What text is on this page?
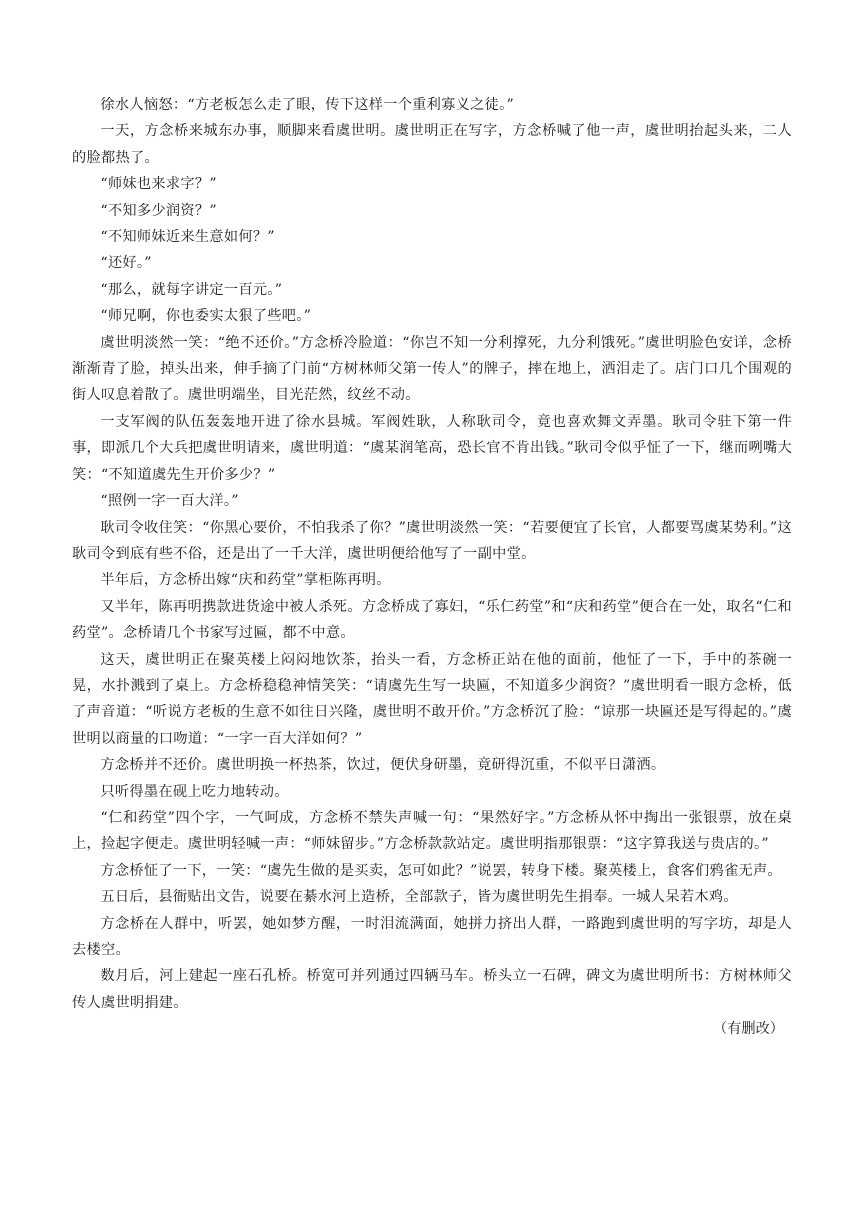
徐水人恼怒：“方老板怎么走了眼，传下这样一个重利寡义之徒。”

一天，方念桥来城东办事，顺脚来看虞世明。虞世明正在写字，方念桥喊了他一声，虞世明抬起头来，二人的脸都热了。

“师妹也来求字？”

“不知多少润资？”

“不知师妹近来生意如何？”

“还好。”

“那么，就每字讲定一百元。”

“师兄啊，你也委实太狠了些吧。”

虞世明淡然一笑：“绝不还价。”方念桥冷脸道：“你岂不知一分利撑死，九分利饿死。”虞世明脸色安详，念桥渐渐青了脸，掉头出来，伸手摘了门前“方树林师父第一传人”的牌子，摔在地上，洒泪走了。店门口几个围观的街人叹息着散了。虞世明端坐，目光茫然，纹丝不动。

一支军阀的队伍轰轰地开进了徐水县城。军阀姓耿，人称耿司令，竟也喜欢舞文弄墨。耿司令驻下第一件事，即派几个大兵把虞世明请来，虞世明道：“虞某润笔高，恐长官不肯出钱。”耿司令似乎怔了一下，继而咧嘴大笑：“不知道虞先生开价多少？”

“照例一字一百大洋。”

耿司令收住笑：“你黑心要价，不怕我杀了你？”虞世明淡然一笑：“若要便宜了长官，人都要骂虞某势利。”这耿司令到底有些不俗，还是出了一千大洋，虞世明便给他写了一副中堂。

半年后，方念桥出嫁“庆和药堂”掌柜陈再明。

又半年，陈再明携款进货途中被人杀死。方念桥成了寡妇，“乐仁药堂”和“庆和药堂”便合在一处，取名“仁和药堂”。念桥请几个书家写过匾，都不中意。

这天，虞世明正在聚英楼上闷闷地饮茶，抬头一看，方念桥正站在他的面前，他怔了一下，手中的茶碗一晃，水扑溅到了桌上。方念桥稳稳神情笑笑：“请虞先生写一块匾，不知道多少润资？”虞世明看一眼方念桥，低了声音道：“听说方老板的生意不如往日兴隆，虞世明不敢开价。”方念桥沉了脸：“谅那一块匾还是写得起的。”虞世明以商量的口吻道：“一字一百大洋如何？”

方念桥并不还价。虞世明换一杯热茶，饮过，便伏身研墨，竟研得沉重，不似平日潇洒。

只听得墨在砚上吃力地转动。

“仁和药堂”四个字，一气呵成，方念桥不禁失声喊一句：“果然好字。”方念桥从怀中掏出一张银票，放在桌上，捡起字便走。虞世明轻喊一声：“师妹留步。”方念桥款款站定。虞世明指那银票：“这字算我送与贵店的。”

方念桥怔了一下，一笑：“虞先生做的是买卖，怎可如此？”说罢，转身下楼。聚英楼上，食客们鸦雀无声。

五日后，县衙贴出文告，说要在綦水河上造桥，全部款子，皆为虞世明先生捐奉。一城人呆若木鸡。

方念桥在人群中，听罢，她如梦方醒，一时泪流满面，她拼力挤出人群，一路跑到虞世明的写字坊，却是人去楼空。

数月后，河上建起一座石孔桥。桥宽可并列通过四辆马车。桥头立一石碑，碑文为虞世明所书：方树林师父传人虞世明捐建。

（有删改）
